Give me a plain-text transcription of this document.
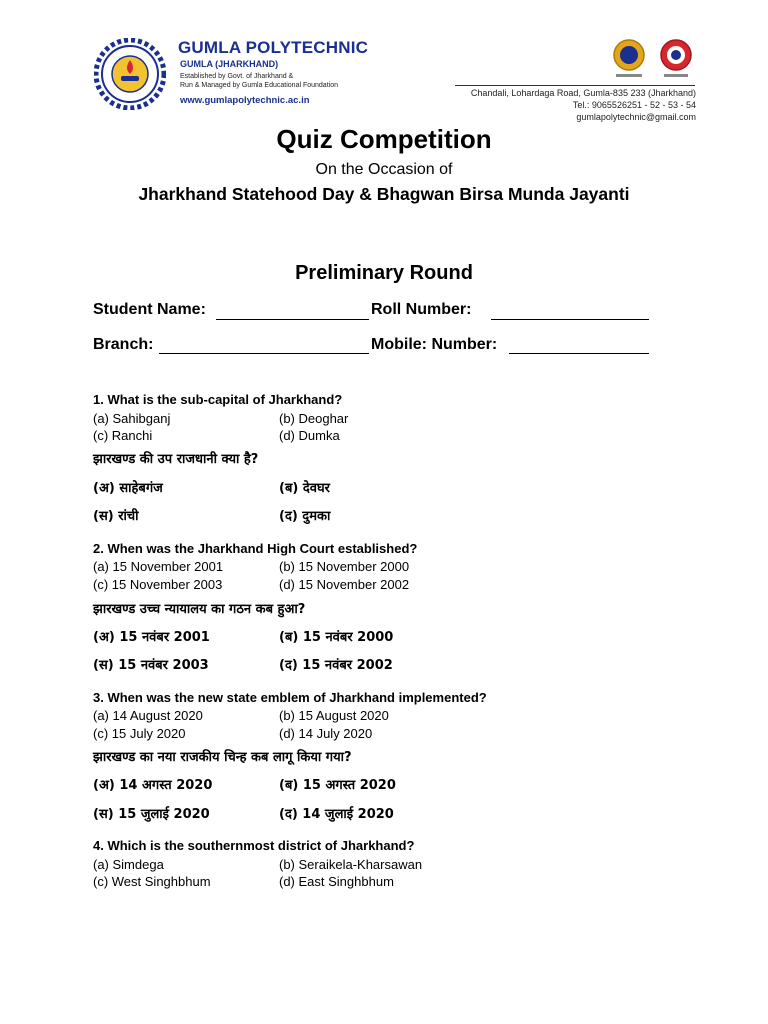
GUMLA POLYTECHNIC
GUMLA (JHARKHAND)
Established by Govt. of Jharkhand &
Run & Managed by Gumla Educational Foundation
www.gumlapolytechnic.ac.in
Chandali, Lohardaga Road, Gumla-835 233 (Jharkhand)
Tel.: 9065526251 - 52 - 53 - 54
gumlapolytechnic@gmail.com
Quiz Competition
On the Occasion of
Jharkhand Statehood Day & Bhagwan Birsa Munda Jayanti
Preliminary Round
Student Name:	Roll Number:
Branch:	Mobile: Number:
1. What is the sub-capital of Jharkhand?
(a) Sahibganj	(b) Deoghar
(c) Ranchi	(d) Dumka
झारखण्ड की उप राजधानी क्या है?
(अ) साहेबगंज	(ब) देवघर
(स) रांची	(द) दुमका
2. When was the Jharkhand High Court established?
(a) 15 November 2001	(b) 15 November 2000
(c) 15 November 2003	(d) 15 November 2002
झारखण्ड उच्च न्यायालय का गठन कब हुआ?
(अ) 15 नवंबर 2001	(ब) 15 नवंबर 2000
(स) 15 नवंबर 2003	(द) 15 नवंबर 2002
3. When was the new state emblem of Jharkhand implemented?
(a) 14 August 2020	(b) 15 August 2020
(c) 15 July 2020	(d) 14 July 2020
झारखण्ड का नया राजकीय चिन्ह कब लागू किया गया?
(अ) 14 अगस्त 2020	(ब) 15 अगस्त 2020
(स) 15 जुलाई 2020	(द) 14 जुलाई 2020
4. Which is the southernmost district of Jharkhand?
(a) Simdega	(b) Seraikela-Kharsawan
(c) West Singhbhum	(d) East Singhbhum
